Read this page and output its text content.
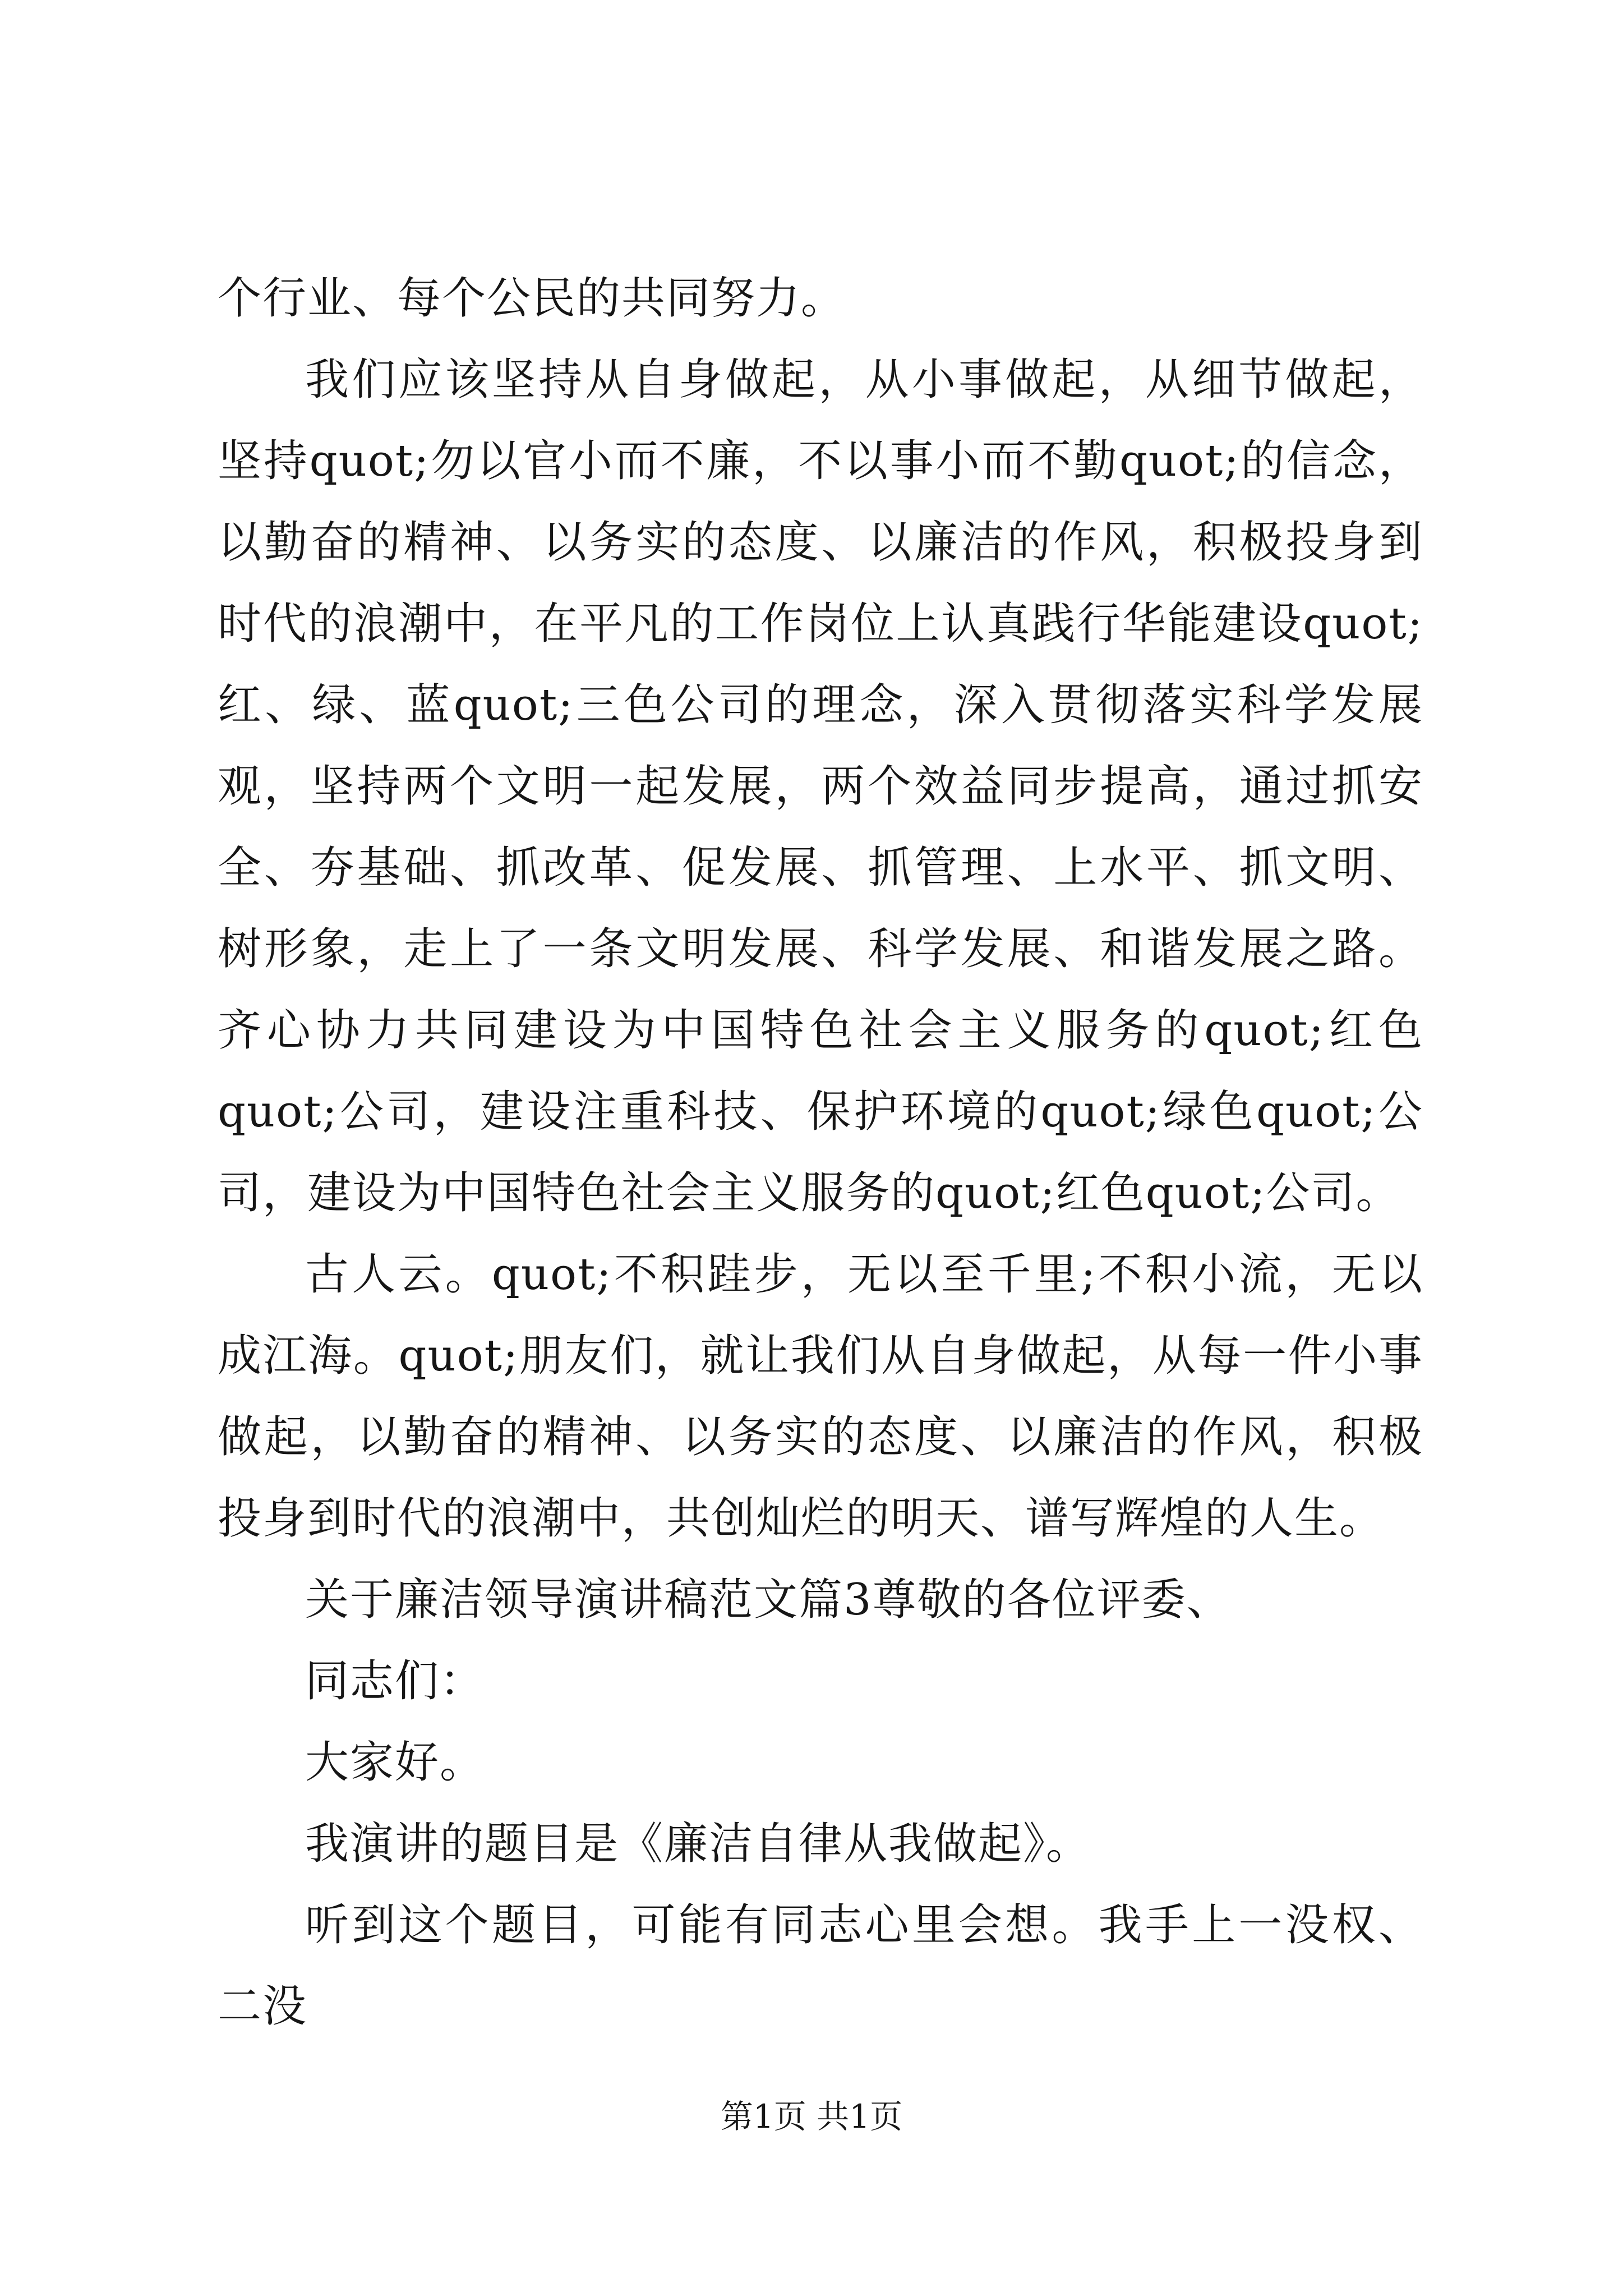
个行业、每个公民的共同努力。

我们应该坚持从自身做起，从小事做起，从细节做起，坚持quot;勿以官小而不廉，不以事小而不勤quot;的信念，以勤奋的精神、以务实的态度、以廉洁的作风，积极投身到时代的浪潮中，在平凡的工作岗位上认真践行华能建设quot;红、绿、蓝quot;三色公司的理念，深入贯彻落实科学发展观，坚持两个文明一起发展，两个效益同步提高，通过抓安全、夯基础、抓改革、促发展、抓管理、上水平、抓文明、树形象，走上了一条文明发展、科学发展、和谐发展之路。齐心协力共同建设为中国特色社会主义服务的quot;红色quot;公司，建设注重科技、保护环境的quot;绿色quot;公司，建设为中国特色社会主义服务的quot;红色quot;公司。

古人云。quot;不积跬步，无以至千里;不积小流，无以成江海。quot;朋友们，就让我们从自身做起，从每一件小事做起，以勤奋的精神、以务实的态度、以廉洁的作风，积极投身到时代的浪潮中，共创灿烂的明天、谱写辉煌的人生。

关于廉洁领导演讲稿范文篇3尊敬的各位评委、

同志们：

大家好。

我演讲的题目是《廉洁自律从我做起》。

听到这个题目，可能有同志心里会想。我手上一没权、二没

第1页 共1页
